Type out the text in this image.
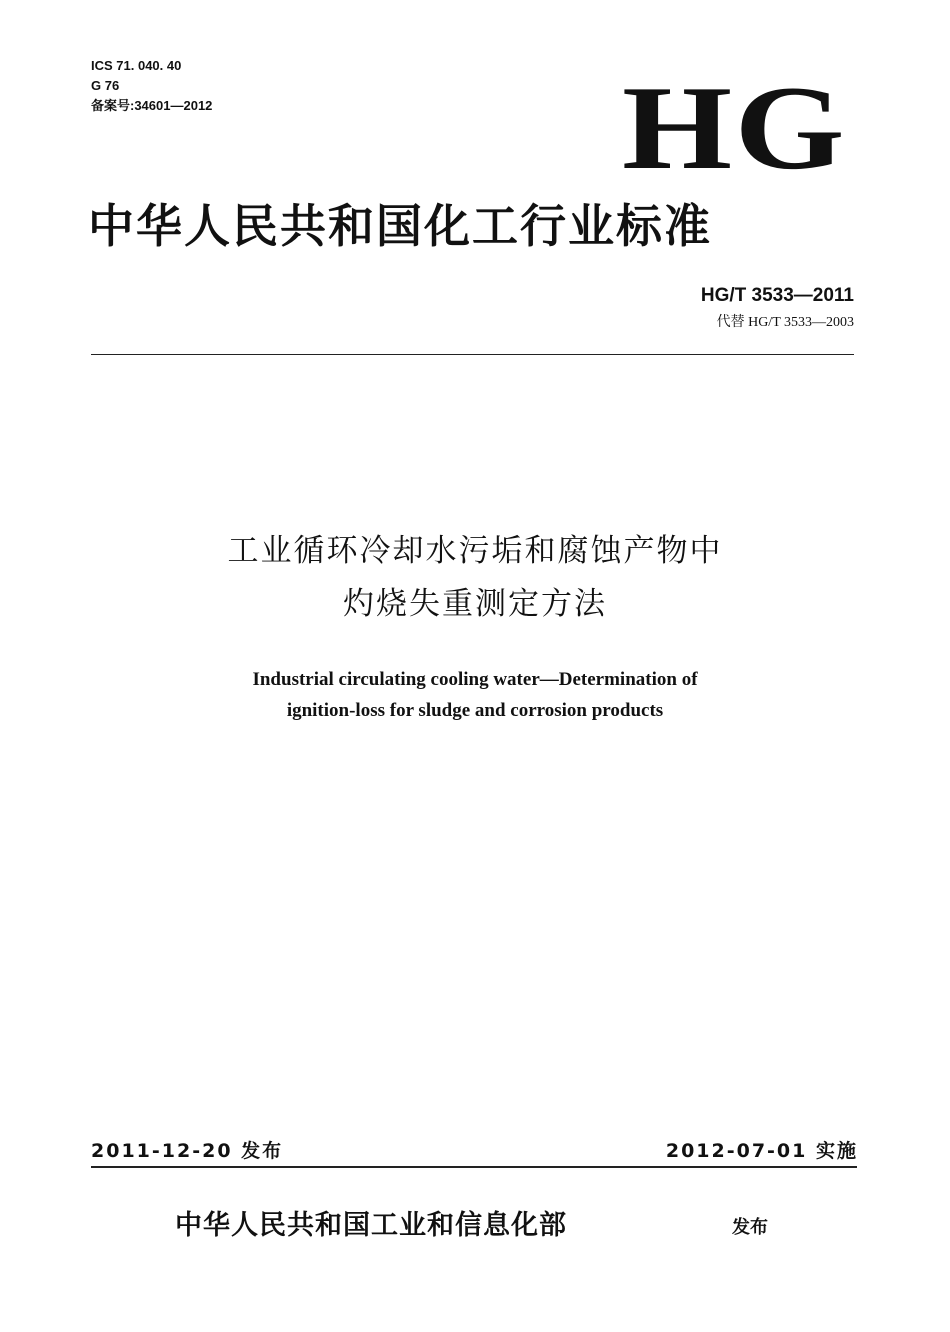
ICS 71. 040. 40
G 76
备案号:34601—2012	HG
中华人民共和国化工行业标准
HG/T 3533—2011
代替 HG/T 3533—2003
工业循环冷却水污垢和腐蚀产物中
灼烧失重测定方法
Industrial circulating cooling water—Determination of
ignition-loss for sludge and corrosion products
2011-12-20 发布	2012-07-01 实施
中华人民共和国工业和信息化部	发布
